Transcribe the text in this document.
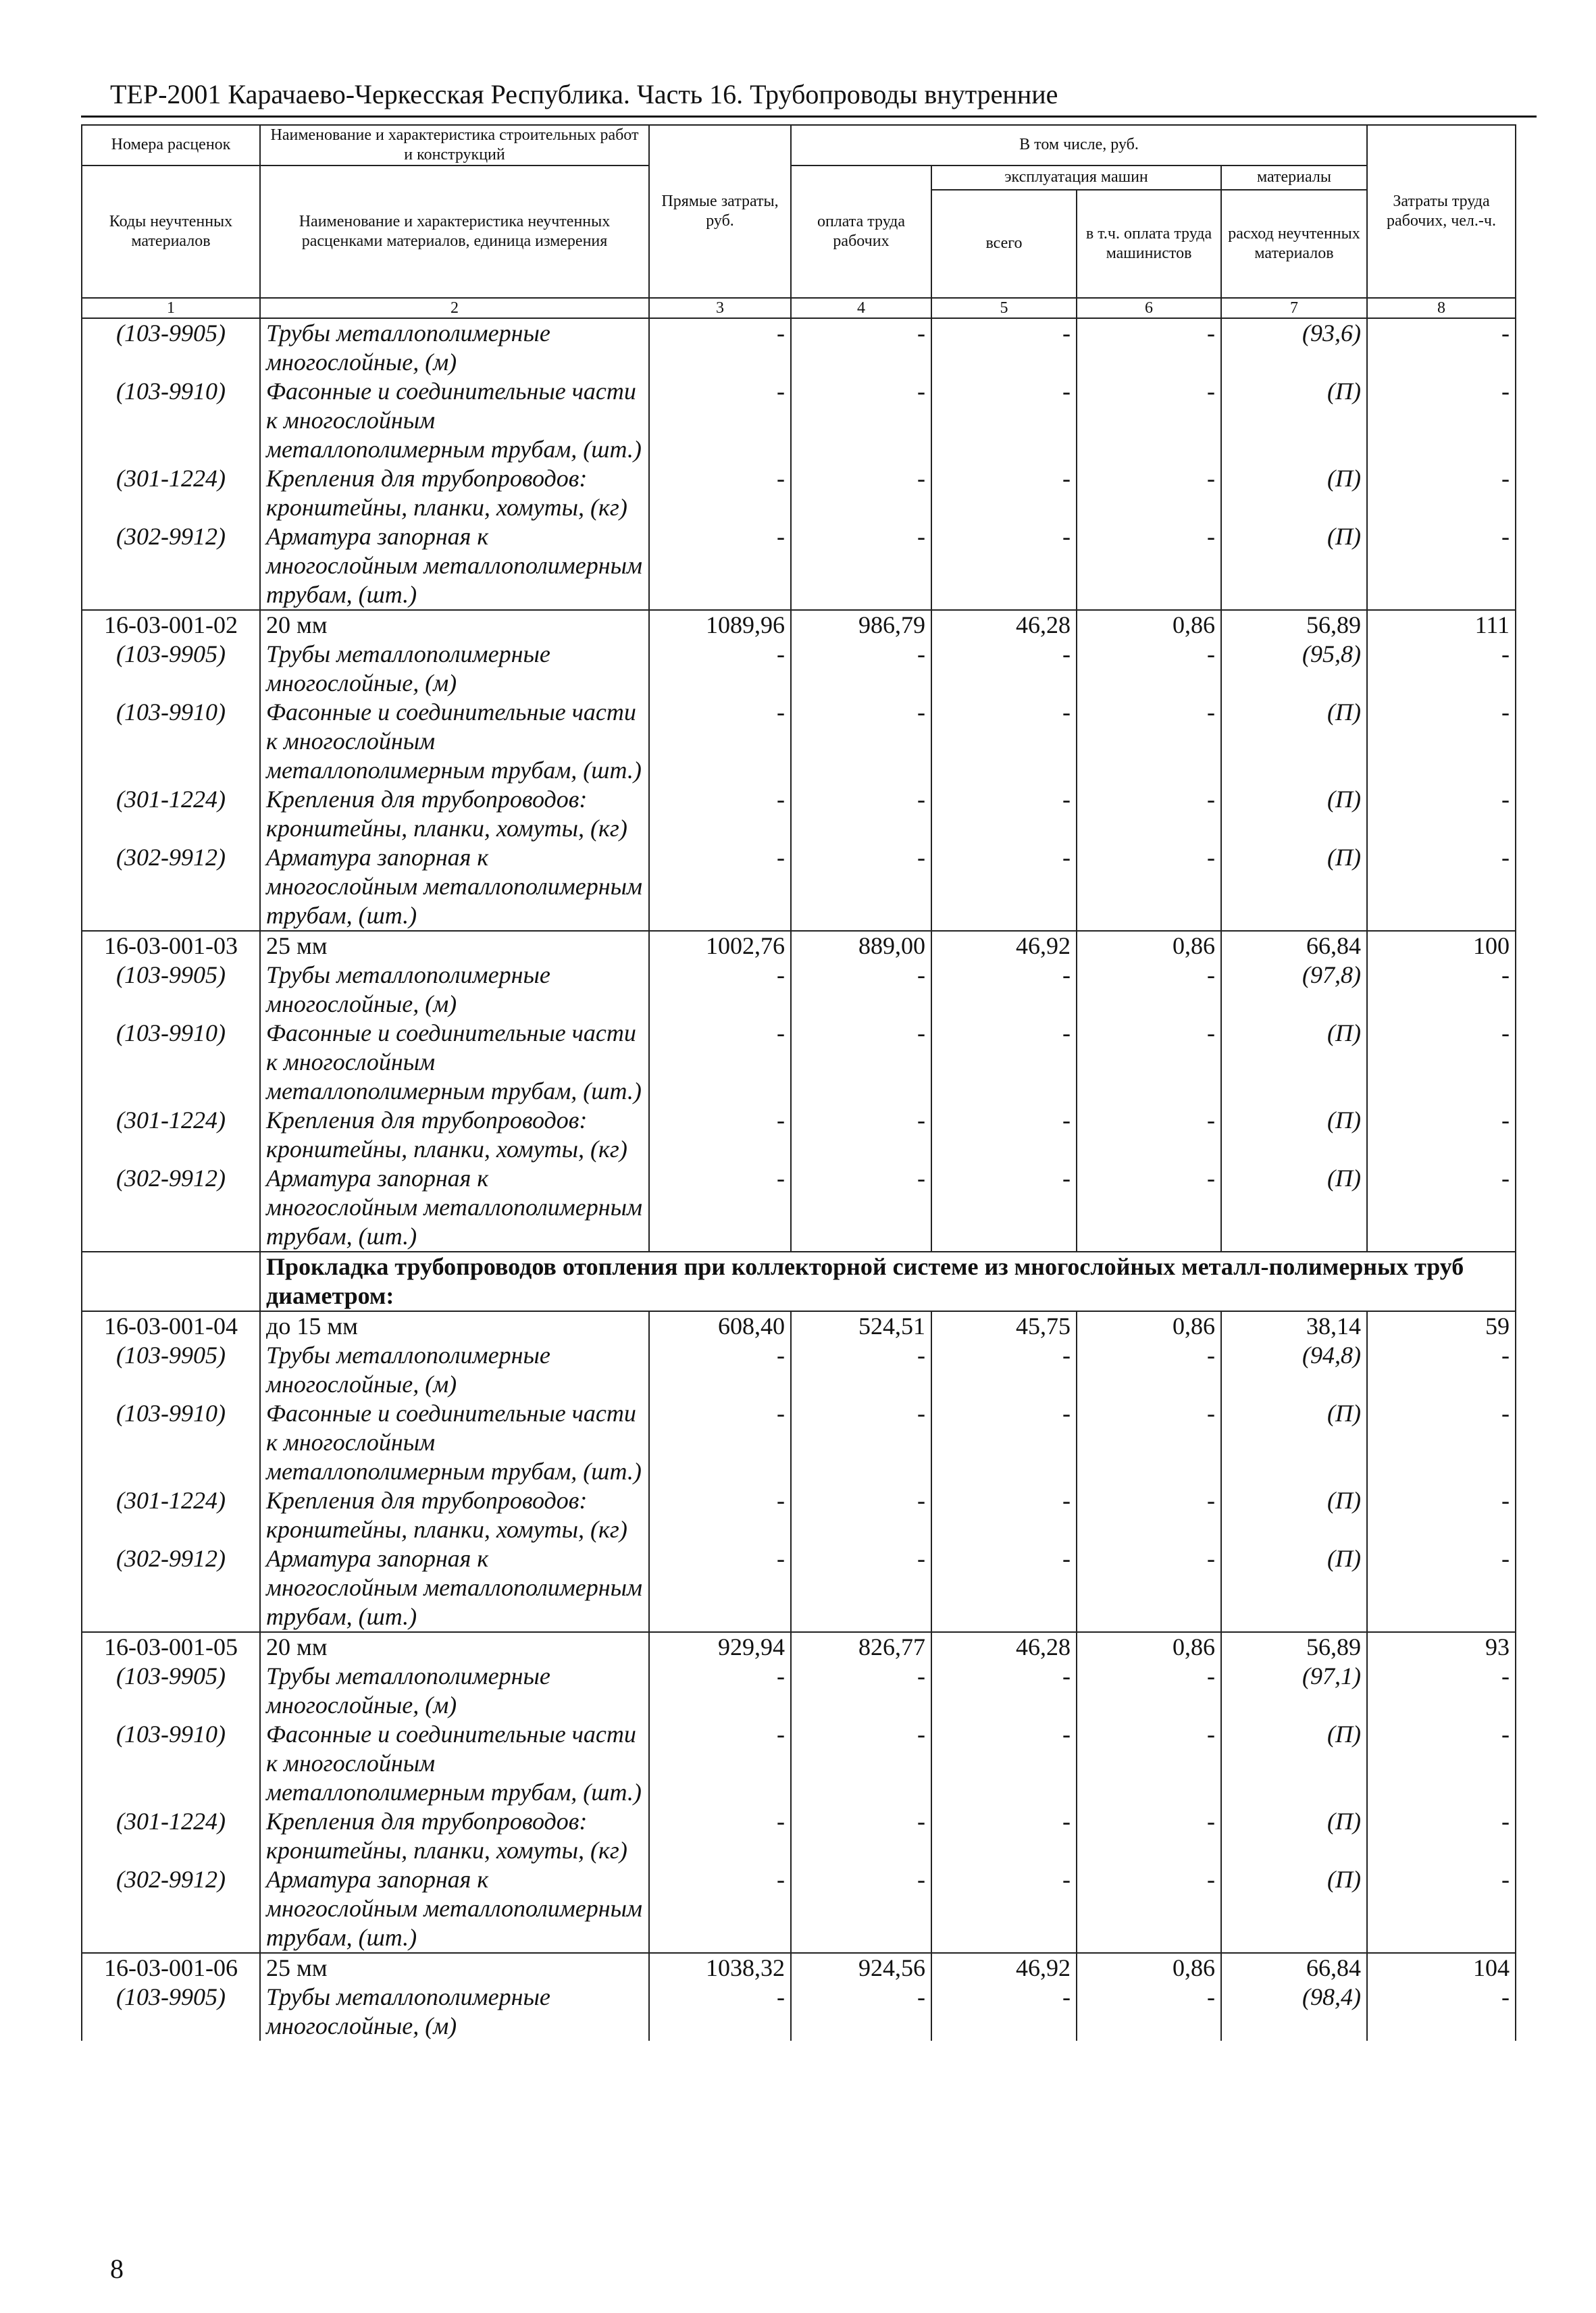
ТЕР-2001 Карачаево-Черкесская Республика. Часть 16. Трубопроводы внутренние
Номера расценок	Наименование и характеристика строительных работ и конструкций	Прямые затраты, руб.	В том числе, руб.				Затраты труда рабочих, чел.-ч.
Коды неучтенных материалов	Наименование и характеристика неучтенных расценками материалов, единица измерения		оплата труда рабочих	эксплуатация машин		материалы	
				всего	в т.ч. оплата труда машинистов	расход неучтенных материалов	

1	2	3	4	5	6	7	8
(103-9905)	Трубы металлополимерные многослойные, (м)	-	-	-	-	(93,6)	-
(103-9910)	Фасонные и соединительные части к многослойным металлополимерным трубам, (шт.)	-	-	-	-	(П)	-
(301-1224)	Крепления для трубопроводов: кронштейны, планки, хомуты, (кг)	-	-	-	-	(П)	-
(302-9912)	Арматура запорная к многослойным металлополимерным трубам, (шт.)	-	-	-	-	(П)	-
16-03-001-02	20 мм	1089,96	986,79	46,28	0,86	56,89	111
(103-9905)	Трубы металлополимерные многослойные, (м)	-	-	-	-	(95,8)	-
(103-9910)	Фасонные и соединительные части к многослойным металлополимерным трубам, (шт.)	-	-	-	-	(П)	-
(301-1224)	Крепления для трубопроводов: кронштейны, планки, хомуты, (кг)	-	-	-	-	(П)	-
(302-9912)	Арматура запорная к многослойным металлополимерным трубам, (шт.)	-	-	-	-	(П)	-
16-03-001-03	25 мм	1002,76	889,00	46,92	0,86	66,84	100
(103-9905)	Трубы металлополимерные многослойные, (м)	-	-	-	-	(97,8)	-
(103-9910)	Фасонные и соединительные части к многослойным металлополимерным трубам, (шт.)	-	-	-	-	(П)	-
(301-1224)	Крепления для трубопроводов: кронштейны, планки, хомуты, (кг)	-	-	-	-	(П)	-
(302-9912)	Арматура запорная к многослойным металлополимерным трубам, (шт.)	-	-	-	-	(П)	-
	Прокладка трубопроводов отопления при коллекторной системе из многослойных металл-полимерных труб диаметром:						
16-03-001-04	до 15 мм	608,40	524,51	45,75	0,86	38,14	59
(103-9905)	Трубы металлополимерные многослойные, (м)	-	-	-	-	(94,8)	-
(103-9910)	Фасонные и соединительные части к многослойным металлополимерным трубам, (шт.)	-	-	-	-	(П)	-
(301-1224)	Крепления для трубопроводов: кронштейны, планки, хомуты, (кг)	-	-	-	-	(П)	-
(302-9912)	Арматура запорная к многослойным металлополимерным трубам, (шт.)	-	-	-	-	(П)	-
16-03-001-05	20 мм	929,94	826,77	46,28	0,86	56,89	93
(103-9905)	Трубы металлополимерные многослойные, (м)	-	-	-	-	(97,1)	-
(103-9910)	Фасонные и соединительные части к многослойным металлополимерным трубам, (шт.)	-	-	-	-	(П)	-
(301-1224)	Крепления для трубопроводов: кронштейны, планки, хомуты, (кг)	-	-	-	-	(П)	-
(302-9912)	Арматура запорная к многослойным металлополимерным трубам, (шт.)	-	-	-	-	(П)	-
16-03-001-06	25 мм	1038,32	924,56	46,92	0,86	66,84	104
(103-9905)	Трубы металлополимерные многослойные, (м)	-	-	-	-	(98,4)	-
8
